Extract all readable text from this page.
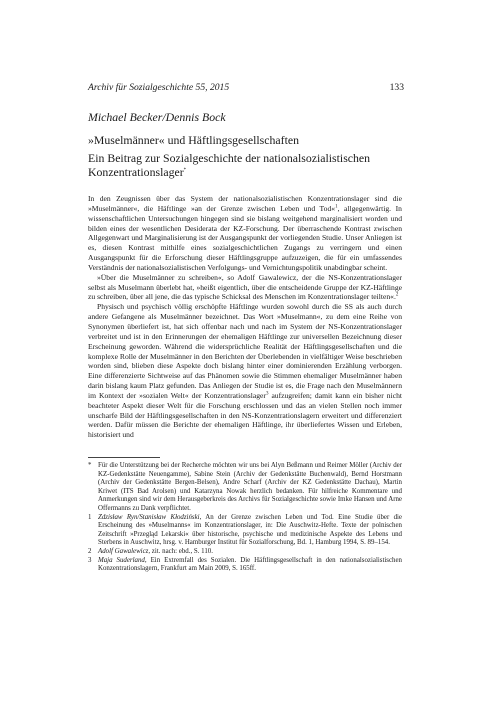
Archiv für Sozialgeschichte 55, 2015	133
Michael Becker/Dennis Bock
»Muselmänner« und Häftlingsgesellschaften
Ein Beitrag zur Sozialgeschichte der nationalsozialistischen Konzentrationslager*

In den Zeugnissen über das System der nationalsozialistischen Konzentrationslager sind die »Muselmänner«, die Häftlinge »an der Grenze zwischen Leben und Tod«$^1$, allgegenwärtig. In wissenschaftlichen Untersuchungen hingegen sind sie bislang weitgehend marginalisiert worden und bilden eines der wesentlichen Desiderata der KZ-Forschung. Der überraschende Kontrast zwischen Allgegenwart und Marginalisierung ist der Ausgangspunkt der vorliegenden Studie. Unser Anliegen ist es, diesen Kontrast mithilfe eines sozialgeschichtlichen Zugangs zu verringern und einen Ausgangspunkt für die Erforschung dieser Häftlingsgruppe aufzuzeigen, die für ein umfassendes Verständnis der nationalsozialistischen Verfolgungs- und Vernichtungspolitik unabdingbar scheint.

»Über die Muselmänner zu schreiben«, so Adolf Gawalewicz, der die NS-Konzentrationslager selbst als Muselmann überlebt hat, »heißt eigentlich, über die entscheidende Gruppe der KZ-Häftlinge zu schreiben, über all jene, die das typische Schicksal des Menschen im Konzentrationslager teilten«.$^2$

Physisch und psychisch völlig erschöpfte Häftlinge wurden sowohl durch die SS als auch durch andere Gefangene als Muselmänner bezeichnet. Das Wort »Muselmann«, zu dem eine Reihe von Synonymen überliefert ist, hat sich offenbar nach und nach im System der NS-Konzentrationslager verbreitet und ist in den Erinnerungen der ehemaligen Häftlinge zur universellen Bezeichnung dieser Erscheinung geworden. Während die widersprüchliche Realität der Häftlingsgesellschaften und die komplexe Rolle der Muselmänner in den Berichten der Überlebenden in vielfältiger Weise beschrieben worden sind, blieben diese Aspekte doch bislang hinter einer dominierenden Erzählung verborgen. Eine differenzierte Sichtweise auf das Phänomen sowie die Stimmen ehemaliger Muselmänner haben darin bislang kaum Platz gefunden. Das Anliegen der Studie ist es, die Frage nach den Muselmännern im Kontext der »sozialen Welt« der Konzentrationslager$^3$ aufzugreifen; damit kann ein bisher nicht beachteter Aspekt dieser Welt für die Forschung erschlossen und das an vielen Stellen noch immer unscharfe Bild der Häftlingsgesellschaften in den NS-Konzentrationslagern erweitert und differenziert werden. Dafür müssen die Berichte der ehemaligen Häftlinge, ihr überliefertes Wissen und Erleben, historisiert und

* Für die Unterstützung bei der Recherche möchten wir uns bei Alyn Beßmann und Reimer Möller (Archiv der KZ-Gedenkstätte Neuengamme), Sabine Stein (Archiv der Gedenkstätte Buchenwald), Bernd Horstmann (Archiv der Gedenkstätte Bergen-Belsen), Andre Scharf (Archiv der KZ Gedenkstätte Dachau), Martin Kriwet (ITS Bad Arolsen) und Katarzyna Nowak herzlich bedanken. Für hilfreiche Kommentare und Anmerkungen sind wir dem Herausgeberkreis des Archivs für Sozialgeschichte sowie Imke Hansen und Arne Offermanns zu Dank verpflichtet.
1 Zdzisław Ryn/Stanisław Kłodziński, An der Grenze zwischen Leben und Tod. Eine Studie über die Erscheinung des »Muselmanns« im Konzentrationslager, in: Die Auschwitz-Hefte. Texte der polnischen Zeitschrift »Przegląd Lekarski« über historische, psychische und medizinische Aspekte des Lebens und Sterbens in Auschwitz, hrsg. v. Hamburger Institut für Sozialforschung, Bd. 1, Hamburg 1994, S. 89–154.
2 Adolf Gawalewicz, zit. nach: ebd., S. 110.
3 Maja Suderland, Ein Extremfall des Sozialen. Die Häftlingsgesellschaft in den nationalsozialistischen Konzentrationslagern, Frankfurt am Main 2009, S. 165ff.
